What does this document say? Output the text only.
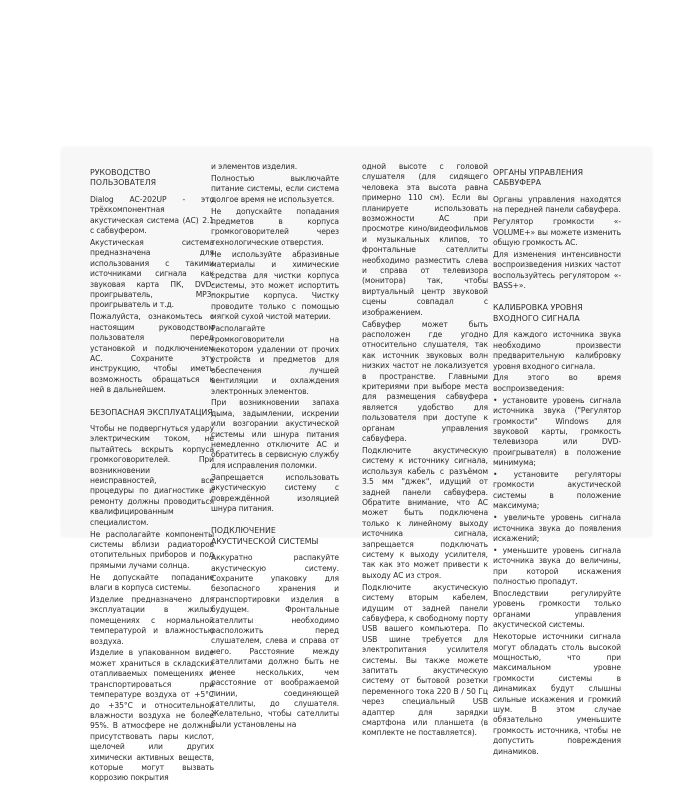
РУКОВОДСТВО ПОЛЬЗОВАТЕЛЯ

Dialog AC-202UP - это трёхкомпонентная акустическая система (АС) 2.1 с сабвуфером.

Акустическая система предназначена для использования с такими источниками сигнала как звуковая карта ПК, DVD-проигрыватель, MP3-проигрыватель и т.д.

Пожалуйста, ознакомьтесь с настоящим руководством пользователя перед установкой и подключением АС. Сохраните эту инструкцию, чтобы иметь возможность обращаться к ней в дальнейшем.

БЕЗОПАСНАЯ ЭКСПЛУАТАЦИЯ

Чтобы не подвергнуться удару электрическим током, не пытайтесь вскрыть корпуса громкоговорителей. При возникновении неисправностей, все процедуры по диагностике и ремонту должны проводиться квалифицированным специалистом.

Не располагайте компоненты системы вблизи радиаторов отопительных приборов и под прямыми лучами солнца.

Не допускайте попадание влаги в корпуса системы.

Изделие предназначено для эксплуатации в жилых помещениях с нормальной температурой и влажностью воздуха.

Изделие в упакованном виде может храниться в складских отапливаемых помещениях и транспортироваться при температуре воздуха от +5°С до +35°С и относительной влажности воздуха не более 95%. В атмосфере не должны присутствовать пары кислот, щелочей или других химически активных веществ, которые могут вызвать коррозию покрытия

и элементов изделия.

Полностью выключайте питание системы, если система долгое время не используется.

Не допускайте попадания предметов в корпуса громкоговорителей через технологические отверстия.

Не используйте абразивные материалы и химические средства для чистки корпуса системы, это может испортить покрытие корпуса. Чистку проводите только с помощью мягкой сухой чистой материи.

Располагайте громкоговорители на некотором удалении от прочих устройств и предметов для обеспечения лучшей вентиляции и охлаждения электронных элементов.

При возникновении запаха дыма, задымлении, искрении или возгорании акустической системы или шнура питания немедленно отключите АС и обратитесь в сервисную службу для исправления поломки.

Запрещается использовать акустическую систему с повреждённой изоляцией шнура питания.

ПОДКЛЮЧЕНИЕ АКУСТИЧЕСКОЙ СИСТЕМЫ

Аккуратно распакуйте акустическую систему. Сохраните упаковку для безопасного хранения и транспортировки изделия в будущем. Фронтальные сателлиты необходимо расположить перед слушателем, слева и справа от него. Расстояние между сателлитами должно быть не менее нескольких, чем расстояние от воображаемой линии, соединяющей сателлиты, до слушателя. Желательно, чтобы сателлиты были установлены на

одной высоте с головой слушателя (для сидящего человека эта высота равна примерно 110 см). Если вы планируете использовать возможности АС при просмотре кино/видеофильмов и музыкальных клипов, то фронтальные сателлиты необходимо разместить слева и справа от телевизора (монитора) так, чтобы виртуальный центр звуковой сцены совпадал с изображением.

Сабвуфер может быть расположен где угодно относительно слушателя, так как источник звуковых волн низких частот не локализуется в пространстве. Главными критериями при выборе места для размещения сабвуфера является удобство для пользователя при доступе к органам управления сабвуфера.

Подключите акустическую систему к источнику сигнала, используя кабель с разъёмом 3.5 мм "джек", идущий от задней панели сабвуфера. Обратите внимание, что АС может быть подключена только к линейному выходу источника сигнала, запрещается подключать систему к выходу усилителя, так как это может привести к выходу АС из строя.

Подключите акустическую систему вторым кабелем, идущим от задней панели сабвуфера, к свободному порту USB вашего компьютера. По USB шине требуется для электропитания усилителя системы. Вы также можете запитать акустическую систему от бытовой розетки переменного тока 220 В / 50 Гц через специальный USB адаптер для зарядки смартфона или планшета (в комплекте не поставляется).

ОРГАНЫ УПРАВЛЕНИЯ САБВУФЕРА

Органы управления находятся на передней панели сабвуфера.

Регулятор громкости «-VOLUME+» вы можете изменить общую громкость АС.

Для изменения интенсивности воспроизведения низких частот воспользуйтесь регулятором «-BASS+».

КАЛИБРОВКА УРОВНЯ ВХОДНОГО СИГНАЛА

Для каждого источника звука необходимо произвести предварительную калибровку уровня входного сигнала.

Для этого во время воспроизведения:

• установите уровень сигнала источника звука ("Регулятор громкости" Windows для звуковой карты, громкость телевизора или DVD-проигрывателя) в положение минимума;

• установите регуляторы громкости акустической системы в положение максимума;

• увеличьте уровень сигнала источника звука до появления искажений;

• уменьшите уровень сигнала источника звука до величины, при которой искажения полностью пропадут.

Впоследствии регулируйте уровень громкости только органами управления акустической системы.

Некоторые источники сигнала могут обладать столь высокой мощностью, что при максимальном уровне громкости системы в динамиках будут слышны сильные искажения и громкий шум. В этом случае обязательно уменьшите громкость источника, чтобы не допустить повреждения динамиков.
